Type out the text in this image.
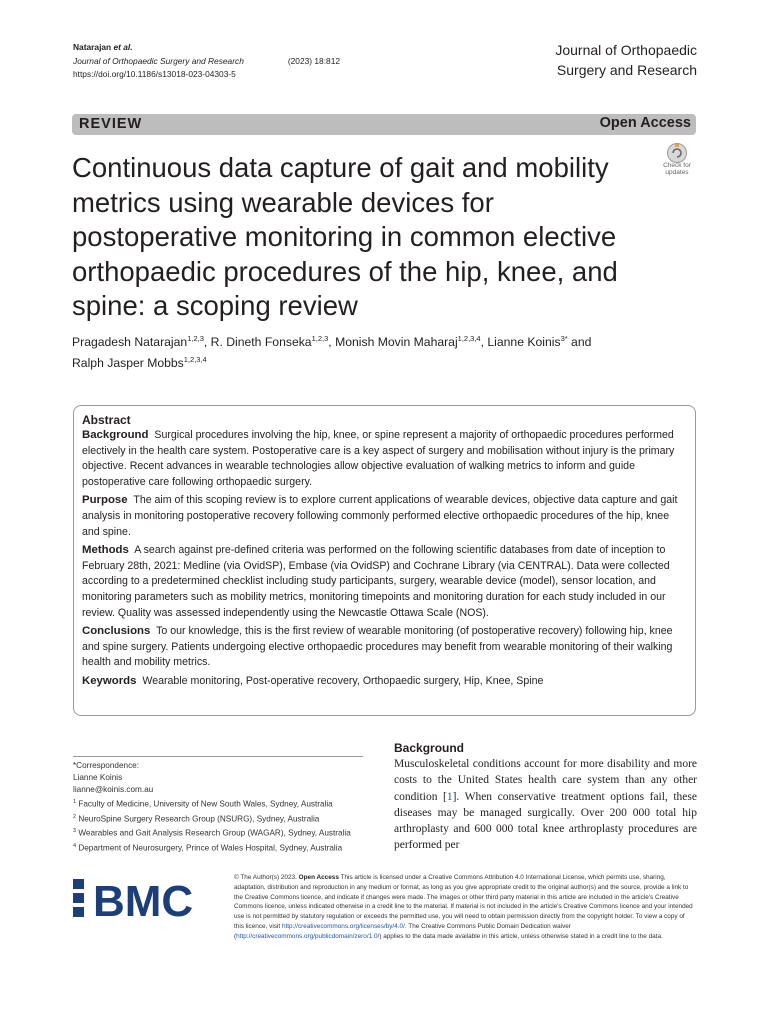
Natarajan et al.
Journal of Orthopaedic Surgery and Research	(2023) 18:812
https://doi.org/10.1186/s13018-023-04303-5
Journal of Orthopaedic
Surgery and Research
REVIEW	Open Access
Check for
updates
Continuous data capture of gait and mobility metrics using wearable devices for postoperative monitoring in common elective orthopaedic procedures of the hip, knee, and spine: a scoping review
Pragadesh Natarajan$^{1,2,3}$, R. Dineth Fonseka$^{1,2,3}$, Monish Movin Maharaj$^{1,2,3,4}$, Lianne Koinis$^{3*}$ and
Ralph Jasper Mobbs$^{1,2,3,4}$
Abstract

Background Surgical procedures involving the hip, knee, or spine represent a majority of orthopaedic procedures performed electively in the health care system. Postoperative care is a key aspect of surgery and mobilisation without injury is the primary objective. Recent advances in wearable technologies allow objective evaluation of walking metrics to inform and guide postoperative care following orthopaedic surgery.

Purpose The aim of this scoping review is to explore current applications of wearable devices, objective data capture and gait analysis in monitoring postoperative recovery following commonly performed elective orthopaedic procedures of the hip, knee and spine.

Methods A search against pre-defined criteria was performed on the following scientific databases from date of inception to February 28th, 2021: Medline (via OvidSP), Embase (via OvidSP) and Cochrane Library (via CENTRAL). Data were collected according to a predetermined checklist including study participants, surgery, wearable device (model), sensor location, and monitoring parameters such as mobility metrics, monitoring timepoints and monitoring duration for each study included in our review. Quality was assessed independently using the Newcastle Ottawa Scale (NOS).

Conclusions To our knowledge, this is the first review of wearable monitoring (of postoperative recovery) following hip, knee and spine surgery. Patients undergoing elective orthopaedic procedures may benefit from wearable monitoring of their walking health and mobility metrics.

Keywords Wearable monitoring, Post-operative recovery, Orthopaedic surgery, Hip, Knee, Spine

*Correspondence:
Lianne Koinis
lianne@koinis.com.au
$^1$ Faculty of Medicine, University of New South Wales, Sydney, Australia
$^2$ NeuroSpine Surgery Research Group (NSURG), Sydney, Australia
$^3$ Wearables and Gait Analysis Research Group (WAGAR), Sydney, Australia
$^4$ Department of Neurosurgery, Prince of Wales Hospital, Sydney, Australia
Background
Musculoskeletal conditions account for more disability and more costs to the United States health care system than any other condition [1]. When conservative treatment options fail, these diseases may be managed surgically. Over 200 000 total hip arthroplasty and 600 000 total knee arthroplasty procedures are performed per
BMC	© The Author(s) 2023. Open Access This article is licensed under a Creative Commons Attribution 4.0 International License, which permits use, sharing, adaptation, distribution and reproduction in any medium or format, as long as you give appropriate credit to the original author(s) and the source, provide a link to the Creative Commons licence, and indicate if changes were made. The images or other third party material in this article are included in the article's Creative Commons licence, unless indicated otherwise in a credit line to the material. If material is not included in the article's Creative Commons licence and your intended use is not permitted by statutory regulation or exceeds the permitted use, you will need to obtain permission directly from the copyright holder. To view a copy of this licence, visit http://creativecommons.org/licenses/by/4.0/. The Creative Commons Public Domain Dedication waiver (http://creativecommons.org/publicdomain/zero/1.0/) applies to the data made available in this article, unless otherwise stated in a credit line to the data.
